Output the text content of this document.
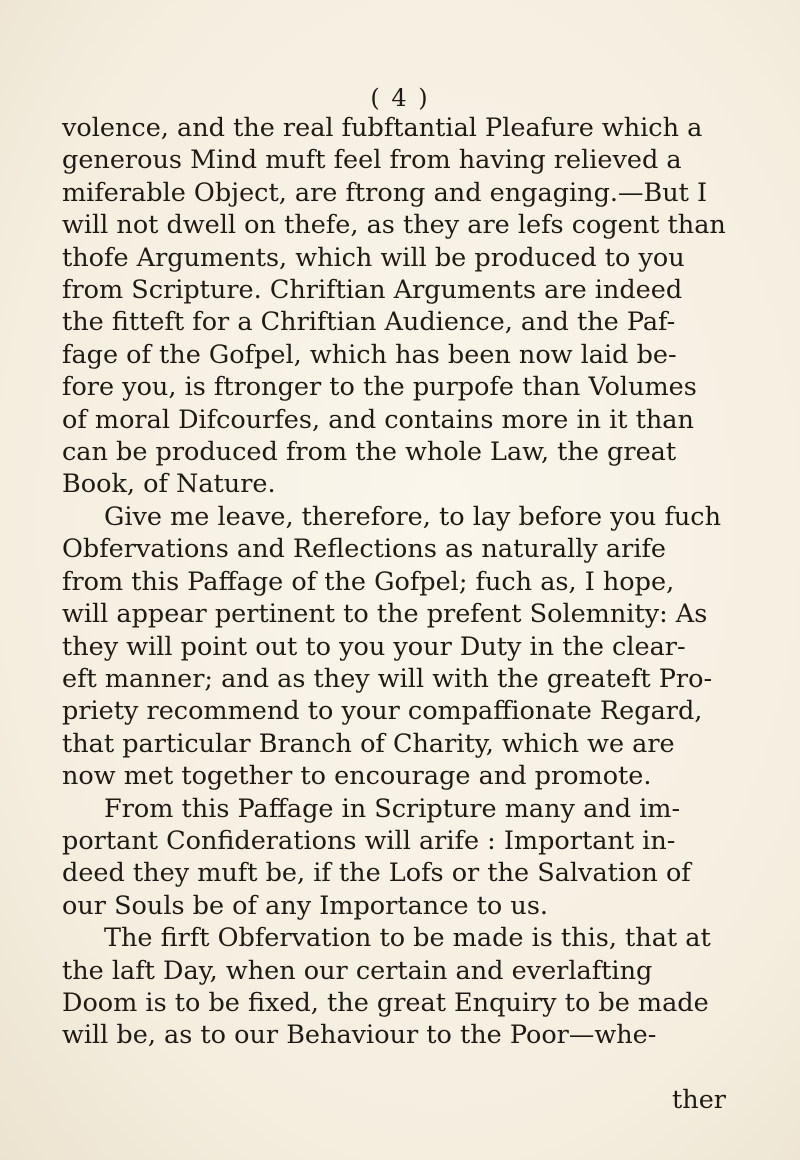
( 4 )
volence, and the real fubftantial Pleafure which a
generous Mind muft feel from having relieved a
miferable Object, are ftrong and engaging.—But I
will not dwell on thefe, as they are lefs cogent than
thofe Arguments, which will be produced to you
from Scripture. Chriftian Arguments are indeed
the fitteft for a Chriftian Audience, and the Paf-
fage of the Gofpel, which has been now laid be-
fore you, is ftronger to the purpofe than Volumes
of moral Difcourfes, and contains more in it than
can be produced from the whole Law, the great
Book, of Nature.
Give me leave, therefore, to lay before you fuch
Obfervations and Reflections as naturally arife
from this Paffage of the Gofpel; fuch as, I hope,
will appear pertinent to the prefent Solemnity: As
they will point out to you your Duty in the clear-
eft manner; and as they will with the greateft Pro-
priety recommend to your compaffionate Regard,
that particular Branch of Charity, which we are
now met together to encourage and promote.
From this Paffage in Scripture many and im-
portant Confiderations will arife : Important in-
deed they muft be, if the Lofs or the Salvation of
our Souls be of any Importance to us.
The firft Obfervation to be made is this, that at
the laft Day, when our certain and everlafting
Doom is to be fixed, the great Enquiry to be made
will be, as to our Behaviour to the Poor—whe-
ther
